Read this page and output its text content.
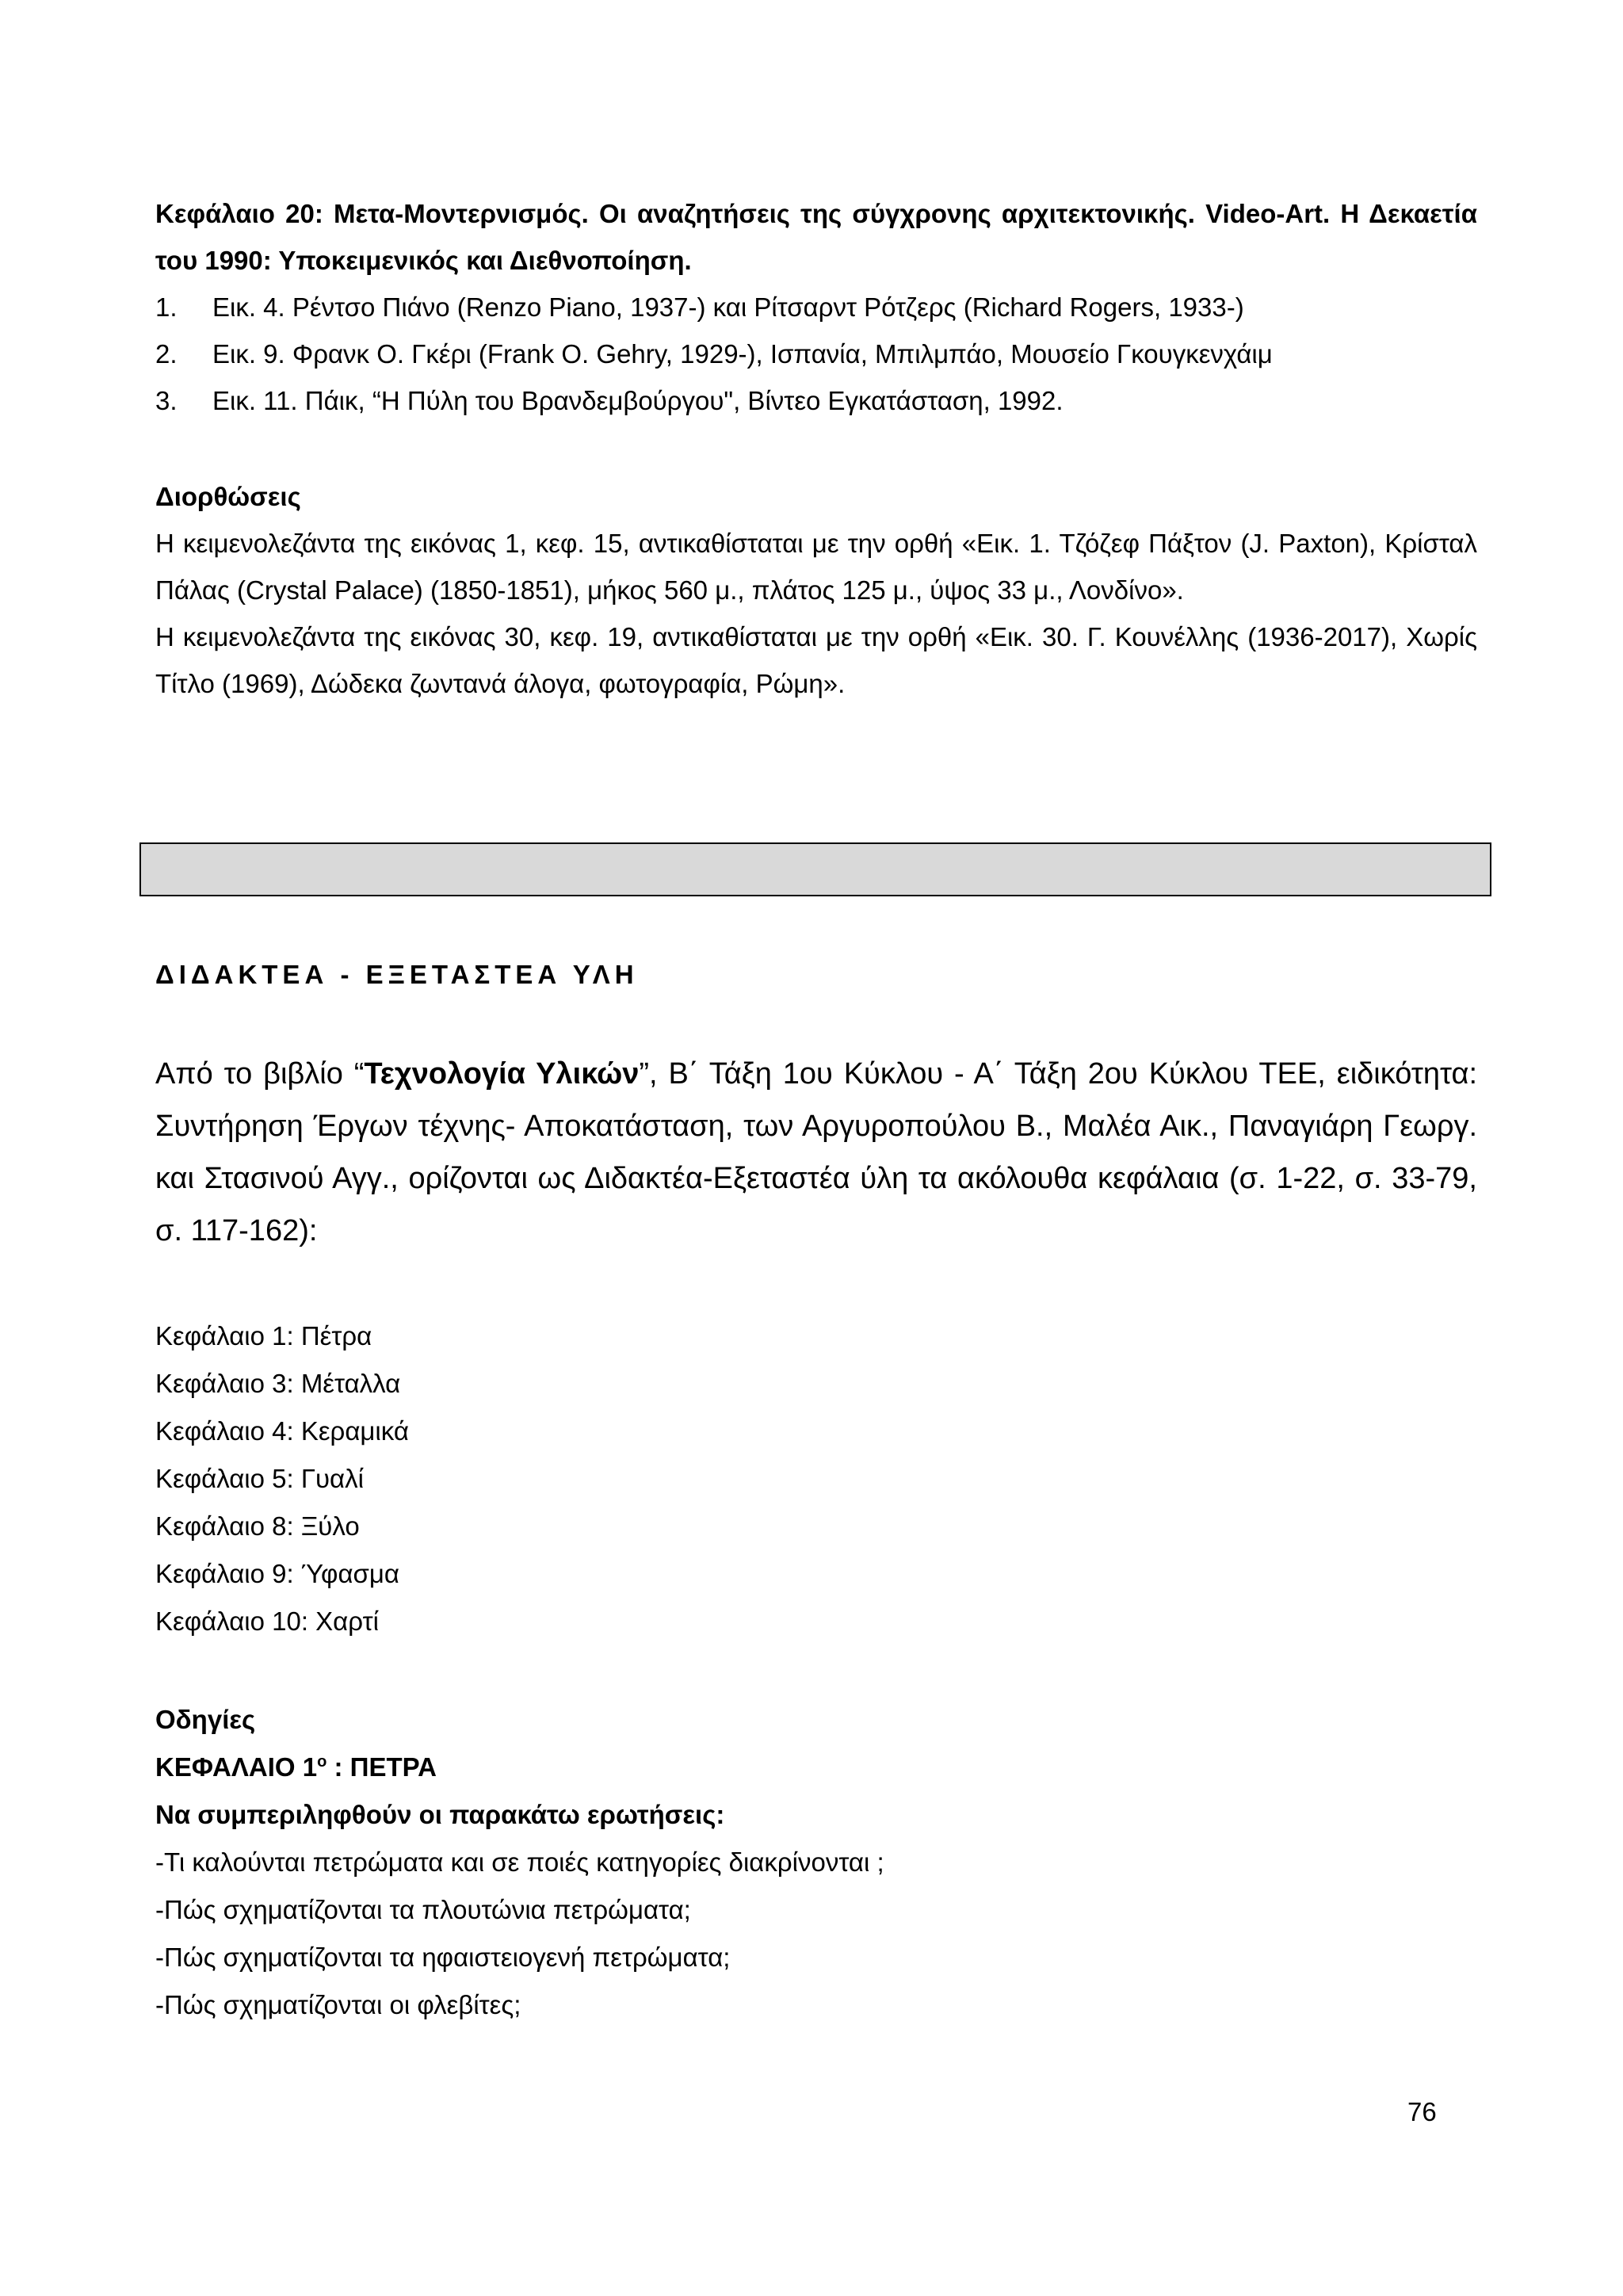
Κεφάλαιο 20: Μετα-Μοντερνισμός. Οι αναζητήσεις της σύγχρονης αρχιτεκτονικής. Video-Art. Η Δεκαετία του 1990: Υποκειμενικός και Διεθνοποίηση.

1.	Εικ. 4. Ρέντσο Πιάνο (Renzo Piano, 1937-) και Ρίτσαρντ Ρότζερς (Richard Rogers, 1933-)
2.	Εικ. 9. Φρανκ Ο. Γκέρι (Frank O. Gehry, 1929-), Ισπανία, Μπιλμπάο, Μουσείο Γκουγκενχάιμ
3.	Εικ. 11. Πάικ, “Η Πύλη του Βρανδεμβούργου", Βίντεο Εγκατάσταση, 1992.

Διορθώσεις

Η κειμενολεζάντα της εικόνας 1, κεφ. 15, αντικαθίσταται με την ορθή «Εικ. 1. Τζόζεφ Πάξτον (J. Paxton), Κρίσταλ Πάλας (Crystal Palace) (1850-1851), μήκος 560 μ., πλάτος 125 μ., ύψος 33 μ., Λονδίνο».

Η κειμενολεζάντα της εικόνας 30, κεφ. 19, αντικαθίσταται με την ορθή «Εικ. 30. Γ. Κουνέλλης (1936-2017), Χωρίς Τίτλο (1969), Δώδεκα ζωντανά άλογα, φωτογραφία, Ρώμη».

ΔΙΔΑΚΤΕΑ - ΕΞΕΤΑΣΤΕΑ ΥΛΗ

Από το βιβλίο “Τεχνολογία Υλικών”, Β΄ Τάξη 1ου Κύκλου - Α΄ Τάξη 2ου Κύκλου ΤΕΕ, ειδικότητα: Συντήρηση Έργων τέχνης- Αποκατάσταση, των Αργυροπούλου Β., Μαλέα Αικ., Παναγιάρη Γεωργ. και Στασινού Αγγ., ορίζονται ως Διδακτέα-Εξεταστέα ύλη τα ακόλουθα κεφάλαια (σ. 1-22, σ. 33-79, σ. 117-162):

Κεφάλαιο 1: Πέτρα
Κεφάλαιο 3: Μέταλλα
Κεφάλαιο 4: Κεραμικά
Κεφάλαιο 5: Γυαλί
Κεφάλαιο 8: Ξύλο
Κεφάλαιο 9: Ύφασμα
Κεφάλαιο 10: Χαρτί
Οδηγίες
ΚΕΦΑΛΑΙΟ $1^o$ : ΠΕΤΡΑ
Να συμπεριληφθούν οι παρακάτω ερωτήσεις:
-Τι καλούνται πετρώματα και σε ποιές κατηγορίες διακρίνονται ;
-Πώς σχηματίζονται τα πλουτώνια πετρώματα;
-Πώς σχηματίζονται τα ηφαιστειογενή πετρώματα;
-Πώς σχηματίζονται οι φλεβίτες;
76
